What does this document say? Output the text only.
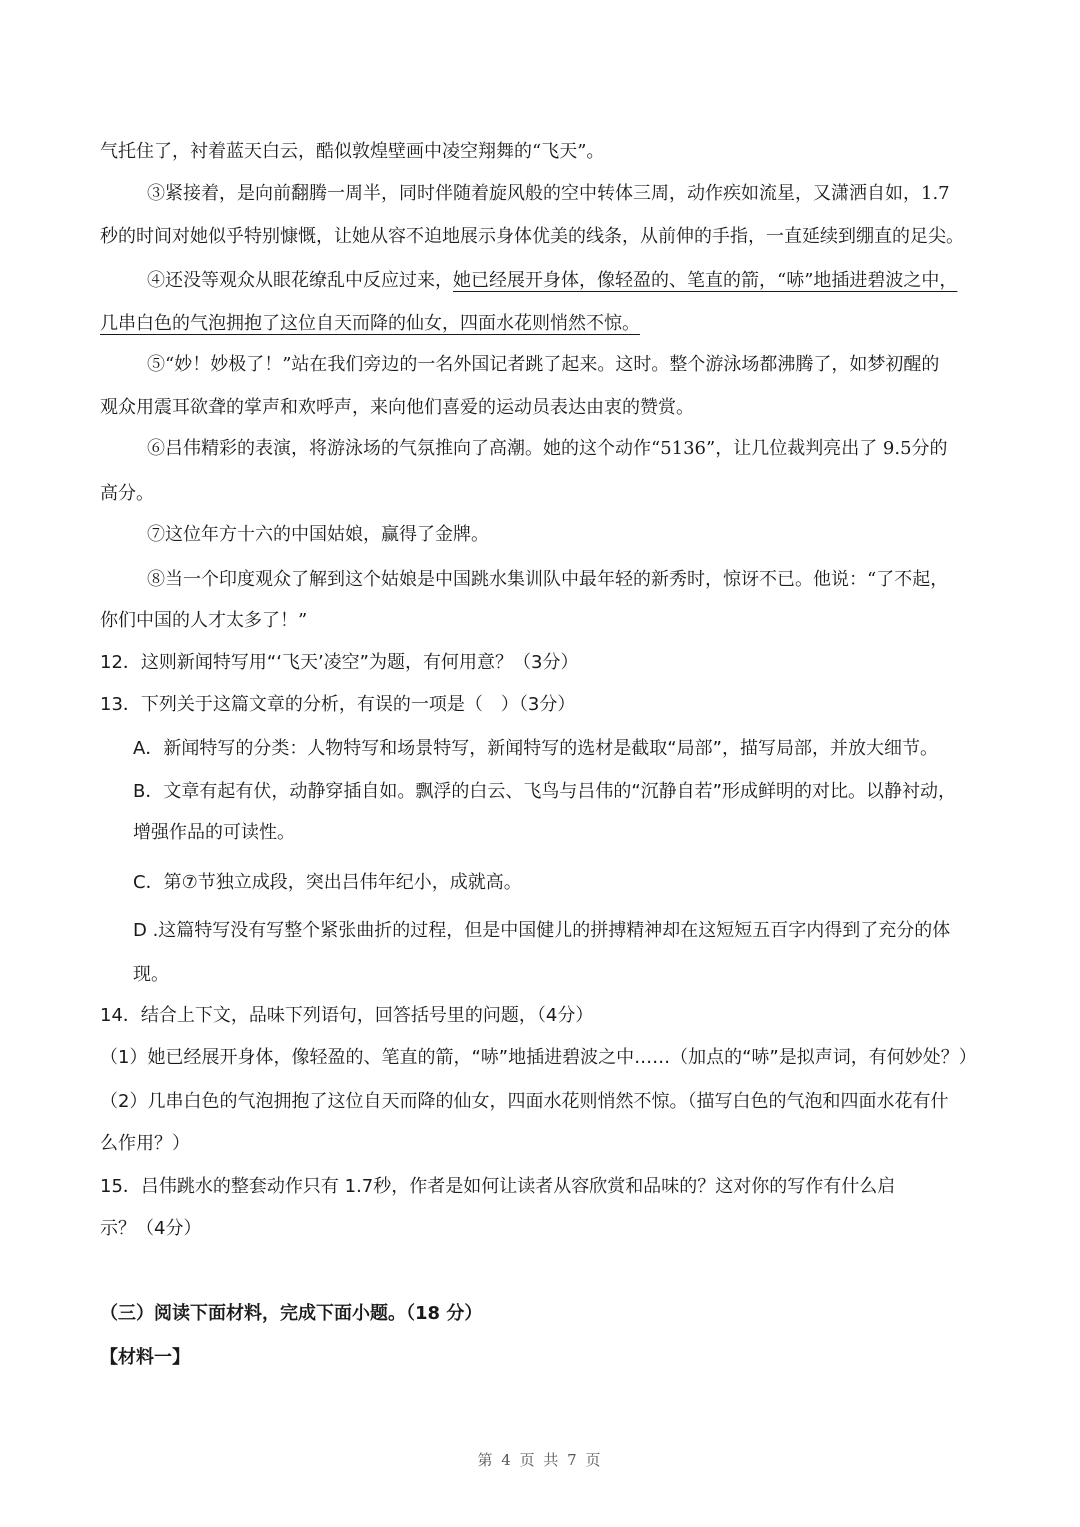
气托住了，衬着蓝天白云，酷似敦煌壁画中凌空翔舞的“飞天”。
③紧接着，是向前翻腾一周半，同时伴随着旋风般的空中转体三周，动作疾如流星，又潇洒自如，1.7
秒的时间对她似乎特别慷慨，让她从容不迫地展示身体优美的线条，从前伸的手指，一直延续到绷直的足尖。
④还没等观众从眼花缭乱中反应过来，她已经展开身体，像轻盈的、笔直的箭，“哧”地插进碧波之中，
几串白色的气泡拥抱了这位自天而降的仙女，四面水花则悄然不惊。
⑤“妙！妙极了！”站在我们旁边的一名外国记者跳了起来。这时。整个游泳场都沸腾了，如梦初醒的
观众用震耳欲聋的掌声和欢呼声，来向他们喜爱的运动员表达由衷的赞赏。
⑥吕伟精彩的表演，将游泳场的气氛推向了高潮。她的这个动作“5136”，让几位裁判亮出了 9.5分的
高分。
⑦这位年方十六的中国姑娘，赢得了金牌。
⑧当一个印度观众了解到这个姑娘是中国跳水集训队中最年轻的新秀时，惊讶不已。他说：“了不起，
你们中国的人才太多了！”
12．这则新闻特写用“‘飞天’凌空”为题，有何用意？（3分）
13．下列关于这篇文章的分析，有误的一项是（　）（3分）
A．新闻特写的分类：人物特写和场景特写，新闻特写的选材是截取“局部”，描写局部，并放大细节。
B．文章有起有伏，动静穿插自如。飘浮的白云、飞鸟与吕伟的“沉静自若”形成鲜明的对比。以静衬动，
增强作品的可读性。
C．第⑦节独立成段，突出吕伟年纪小，成就高。
D .这篇特写没有写整个紧张曲折的过程，但是中国健儿的拼搏精神却在这短短五百字内得到了充分的体
现。
14．结合上下文，品味下列语句，回答括号里的问题，（4分）
（1）她已经展开身体，像轻盈的、笔直的箭，“哧”地插进碧波之中……（加点的“哧”是拟声词，有何妙处？）
（2）几串白色的气泡拥抱了这位自天而降的仙女，四面水花则悄然不惊。（描写白色的气泡和四面水花有什
么作用？）
15．吕伟跳水的整套动作只有 1.7秒，作者是如何让读者从容欣赏和品味的？这对你的写作有什么启
示？（4分）
（三）阅读下面材料，完成下面小题。（18 分）
【材料一】
第 4 页 共 7 页
